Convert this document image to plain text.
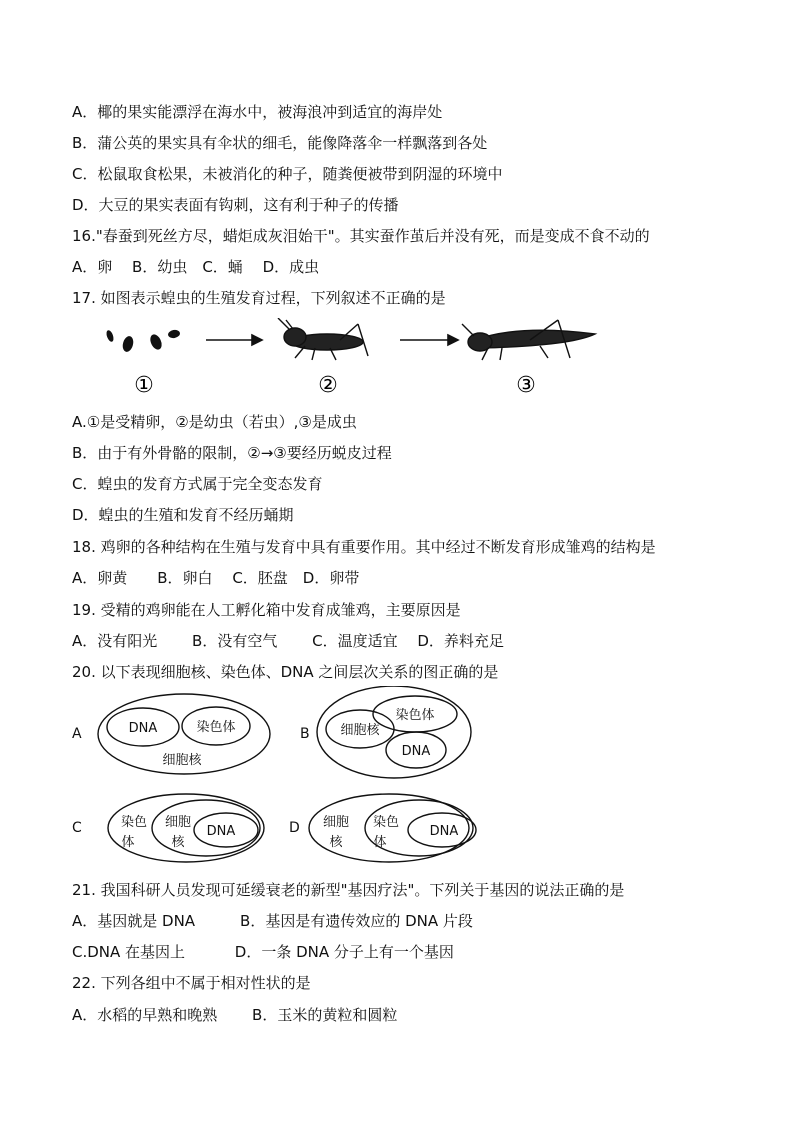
A．椰的果实能漂浮在海水中，被海浪冲到适宜的海岸处
B．蒲公英的果实具有伞状的细毛，能像降落伞一样飘落到各处
C．松鼠取食松果，未被消化的种子，随粪便被带到阴湿的环境中
D．大豆的果实表面有钩刺，这有利于种子的传播
16."春蚕到死丝方尽，蜡炬成灰泪始干"。其实蚕作茧后并没有死，而是变成不食不动的
A．卵　 B．幼虫　C．蛹　 D．成虫
17. 如图表示蝗虫的生殖发育过程，下列叙述不正确的是
①	②	③
A.①是受精卵，②是幼虫（若虫）,③是成虫
B．由于有外骨骼的限制，②→③要经历蜕皮过程
C．蝗虫的发育方式属于完全变态发育
D．蝗虫的生殖和发育不经历蛹期
18. 鸡卵的各种结构在生殖与发育中具有重要作用。其中经过不断发育形成雏鸡的结构是
A．卵黄　　B．卵白　 C．胚盘　D．卵带
19. 受精的鸡卵能在人工孵化箱中发育成雏鸡，主要原因是
A．没有阳光　　 B．没有空气　　 C．温度适宜　 D．养料充足
20. 以下表现细胞核、染色体、DNA 之间层次关系的图正确的是
A	DNA	染色体
细胞核
B 细胞核
染色体
DNA
C	染色
体
细胞
核
DNA	D 细胞
核
染色
体
DNA
21. 我国科研人员发现可延缓衰老的新型"基因疗法"。下列关于基因的说法正确的是
A．基因就是 DNA　　　B．基因是有遗传效应的 DNA 片段
C.DNA 在基因上　　　 D．一条 DNA 分子上有一个基因
22. 下列各组中不属于相对性状的是
A．水稻的早熟和晚熟　　 B．玉米的黄粒和圆粒
